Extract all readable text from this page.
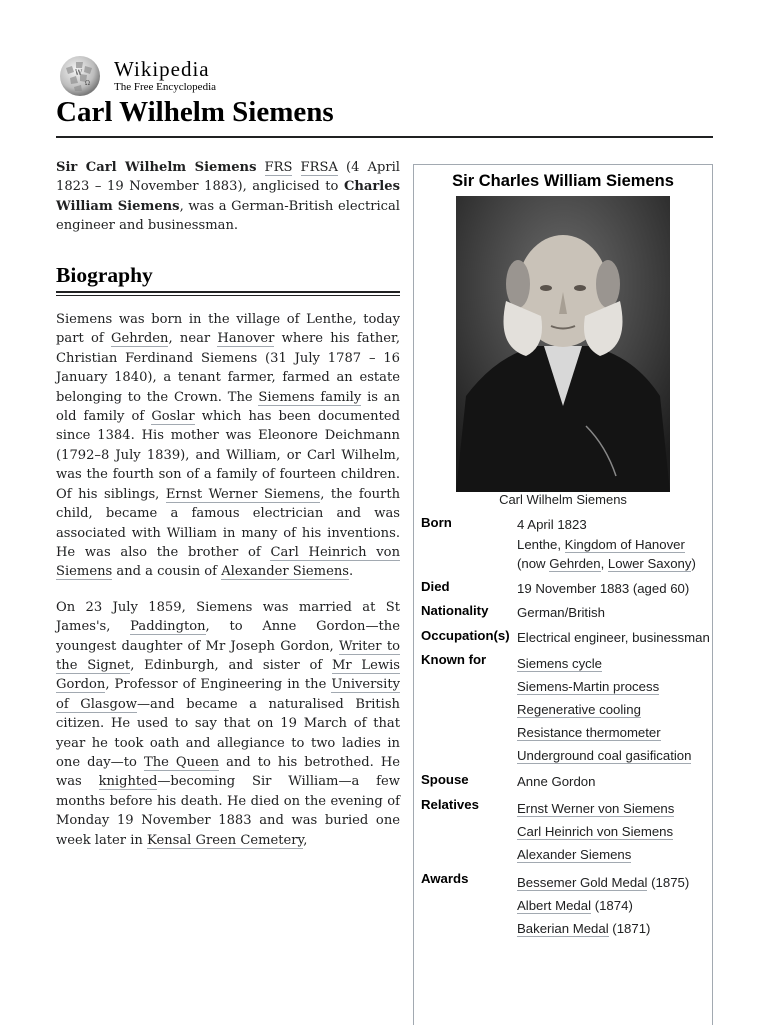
W
Ω
Wikipedia
The Free Encyclopedia
Carl Wilhelm Siemens

Sir Carl Wilhelm Siemens FRS FRSA (4 April 1823 – 19 November 1883), anglicised to Charles William Siemens, was a German-British electrical engineer and businessman.

Biography

Siemens was born in the village of Lenthe, today part of Gehrden, near Hanover where his father, Christian Ferdinand Siemens (31 July 1787 – 16 January 1840), a tenant farmer, farmed an estate belonging to the Crown. The Siemens family is an old family of Goslar which has been documented since 1384. His mother was Eleonore Deichmann (1792–8 July 1839), and William, or Carl Wilhelm, was the fourth son of a family of fourteen children. Of his siblings, Ernst Werner Siemens, the fourth child, became a famous electrician and was associated with William in many of his inventions. He was also the brother of Carl Heinrich von Siemens and a cousin of Alexander Siemens.

On 23 July 1859, Siemens was married at St James's, Paddington, to Anne Gordon—the youngest daughter of Mr Joseph Gordon, Writer to the Signet, Edinburgh, and sister of Mr Lewis Gordon, Professor of Engineering in the University of Glasgow—and became a naturalised British citizen. He used to say that on 19 March of that year he took oath and allegiance to two ladies in one day—to The Queen and to his betrothed. He was knighted—becoming Sir William—a few months before his death. He died on the evening of Monday 19 November 1883 and was buried one week later in Kensal Green Cemetery,

Sir Charles William Siemens
Carl Wilhelm Siemens
Born	4 April 1823
Lenthe, Kingdom of Hanover
(now Gehrden, Lower Saxony)
Died	19 November 1883 (aged 60)
Nationality	German/British
Occupation(s) Electrical engineer, businessman
Known for	Siemens cycle
Siemens-Martin process
Regenerative cooling
Resistance thermometer
Underground coal gasification
Spouse	Anne Gordon
Relatives	Ernst Werner von Siemens
Carl Heinrich von Siemens
Alexander Siemens
Awards	Bessemer Gold Medal (1875)
Albert Medal (1874)
Bakerian Medal (1871)
